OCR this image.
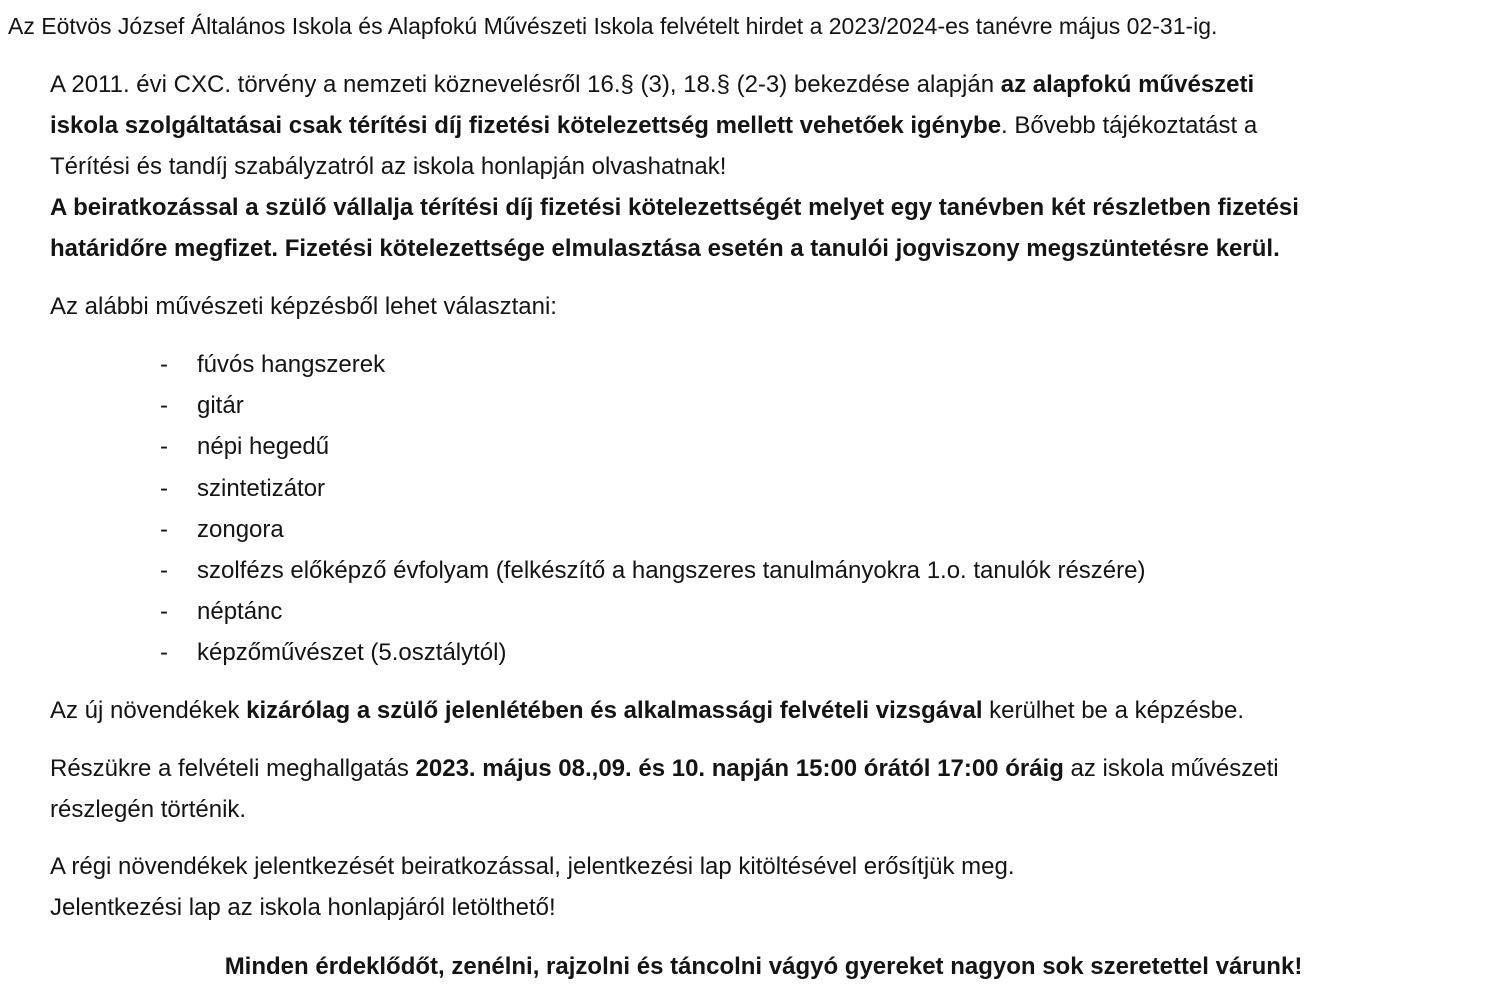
Az Eötvös József Általános Iskola és Alapfokú Művészeti Iskola felvételt hirdet a 2023/2024-es tanévre május 02-31-ig.
A 2011. évi CXC. törvény a nemzeti köznevelésről 16.§ (3), 18.§ (2-3) bekezdése alapján az alapfokú művészeti
iskola szolgáltatásai csak térítési díj fizetési kötelezettség mellett vehetőek igénybe. Bővebb tájékoztatást a
Térítési és tandíj szabályzatról az iskola honlapján olvashatnak!
A beiratkozással a szülő vállalja térítési díj fizetési kötelezettségét melyet egy tanévben két részletben fizetési
határidőre megfizet. Fizetési kötelezettsége elmulasztása esetén a tanulói jogviszony megszüntetésre kerül.
Az alábbi művészeti képzésből lehet választani:
- fúvós hangszerek
- gitár
- népi hegedű
- szintetizátor
- zongora
- szolfézs előképző évfolyam (felkészítő a hangszeres tanulmányokra 1.o. tanulók részére)
- néptánc
- képzőművészet (5.osztálytól)
Az új növendékek kizárólag a szülő jelenlétében és alkalmassági felvételi vizsgával kerülhet be a képzésbe.
Részükre a felvételi meghallgatás 2023. május 08.,09. és 10. napján 15:00 órától 17:00 óráig az iskola művészeti
részlegén történik.
A régi növendékek jelentkezését beiratkozással, jelentkezési lap kitöltésével erősítjük meg.
Jelentkezési lap az iskola honlapjáról letölthető!
Minden érdeklődőt, zenélni, rajzolni és táncolni vágyó gyereket nagyon sok szeretettel várunk!
